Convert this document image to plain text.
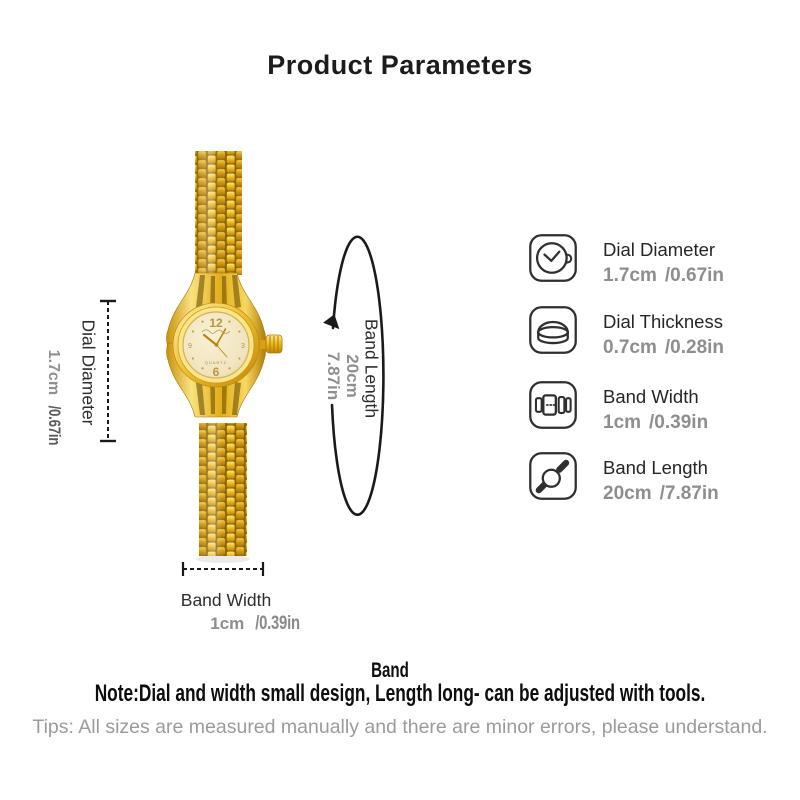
Product Parameters
12
6
3
9
QUARTZ
Dial Diameter
1.7cm /0.67in
Band Length
20cm
7.87in
Band Width
1cm /0.39in
Dial Diameter
1.7cm /0.67in
Dial Thickness
0.7cm /0.28in
Band Width
1cm /0.39in
Band Length
20cm /7.87in
Band
Note:Dial and width small design, Length long- can be adjusted with tools.
Tips: All sizes are measured manually and there are minor errors, please understand.
